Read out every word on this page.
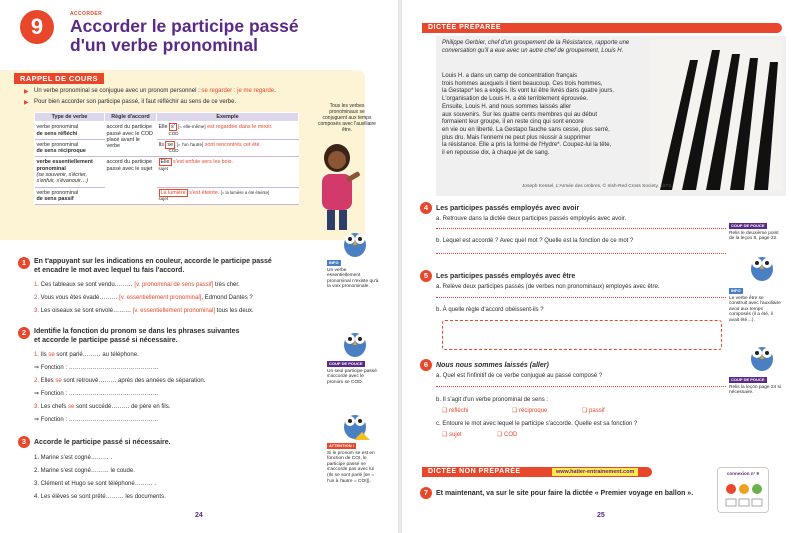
9	ACCORDER
Accorder le participe passé
d'un verbe pronominal
RAPPEL DE COURS
▶ Un verbe pronominal se conjugue avec un pronom personnel : se regarder : je me regarde.
▶ Pour bien accorder son participe passé, il faut réfléchir au sens de ce verbe.
Type de verbe	Règle d'accord	Exemple
verbe pronominal
de sens réfléchi	accord du participe passé avec le COD placé avant le verbe	Elle s' [= elle-même] est regardée dans le miroir.
COD
verbe pronominal
de sens réciproque		Ils se [= l'un l'autre] sont rencontrés cet été.
COD
verbe essentiellement pronominal
(se souvenir, s'écrier, s'enfuir, s'évanouir…)	accord du participe passé avec le sujet	Elle s'est enfuie vers les bois.
sujet
verbe pronominal
de sens passif		La lumière s'est éteinte. [= la lumière a été éteinte]
sujet
Tous les verbes pronominaux se conjuguent aux temps composés avec l'auxiliaire être.
1	En t'appuyant sur les indications en couleur, accorde le participe passé
et encadre le mot avec lequel tu fais l'accord.
1. Ces tableaux se sont vendu……… [v. pronominal de sens passif] très cher.
2. Vous vous êtes évadé……… [v. essentiellement pronominal], Edmond Dantès ?
3. Les oiseaux se sont envolé……… [v. essentiellement pronominal] tous les deux.
2	Identifie la fonction du pronom se dans les phrases suivantes
et accorde le participe passé si nécessaire.
1. Ils se sont parlé……… au téléphone.
⇒ Fonction : ………………………………………
2. Elles se sont retrouvé……… après des années de séparation.
⇒ Fonction : ………………………………………
3. Les chefs se sont succédé……… de père en fils.
⇒ Fonction : ………………………………………
3	Accorde le participe passé si nécessaire.
1. Marine s'est cogné……… .
2. Marine s'est cogné……… le coude.
3. Clément et Hugo se sont téléphoné……… .
4. Les élèves se sont prêté……… les documents.
INFO
Un verbe essentiellement pronominal n'existe qu'à la voix pronominale.
COUP DE POUCE
Un seul participe passé s'accorde avec le pronom se COD.
ATTENTION !
Si le pronom se est en fonction de COI, le participe passé ne s'accorde pas avec lui (Ils se sont parlé [se = l'un à l'autre = COI]).
24
DICTÉE PRÉPARÉE
Philippe Gerbier, chef d'un groupement de la Résistance, rapporte une conversation qu'il a eue avec un autre chef de groupement, Louis H.
Louis H. a dans un camp de concentration français
trois hommes auxquels il tient beaucoup. Ces trois hommes,
la Gestapo* les a exigés. Ils vont lui être livrés dans quatre jours.
L'organisation de Louis H. a été terriblement éprouvée.
Ensuite, Louis H. and nous sommes laissés aller
aux souvenirs. Sur les quatre cents membres qui au début
formaient leur groupe, il en reste cinq qui sont encore
en vie ou en liberté. La Gestapo fauche sans cesse, plus serré,
plus dru. Mais l'ennemi ne peut plus réussir à supprimer
la résistance. Elle a pris la forme de l'Hydre*. Coupez-lui la tête,
il en repousse dix, à chaque jet de sang.
Joseph Kessel, L'Armée des ombres, © Irish-Red Cross Society, 1972.
4	Les participes passés employés avec avoir
a. Retrouve dans la dictée deux participes passés employés avec avoir.
b. Lequel est accordé ? Avec quel mot ? Quelle est la fonction de ce mot ?
5	Les participes passés employés avec être
a. Relève deux participes passés (de verbes non pronominaux) employés avec être.
b. À quelle règle d'accord obéissent-ils ?
6	Nous nous sommes laissés (aller)
a. Quel est l'infinitif de ce verbe conjugué au passé composé ?
b. Il s'agit d'un verbe pronominal de sens :
❑ réfléchi	❑ réciproque	❑ passif
c. Entoure le mot avec lequel le participe s'accorde. Quelle est sa fonction ?
❑ sujet	❑ COD
COUP DE POUCE
Relis le deuxième point de la leçon 8, page 22.
INFO
Le verbe être se construit avec l'auxiliaire avoir aux temps composés (il a été, il avait été…).
COUP DE POUCE
Relis la leçon page 24 si nécessaire.
DICTÉE NON PRÉPARÉE	www.hatier-entrainement.com
7	Et maintenant, va sur le site pour faire la dictée « Premier voyage en ballon ».
connexion n° 9
25
